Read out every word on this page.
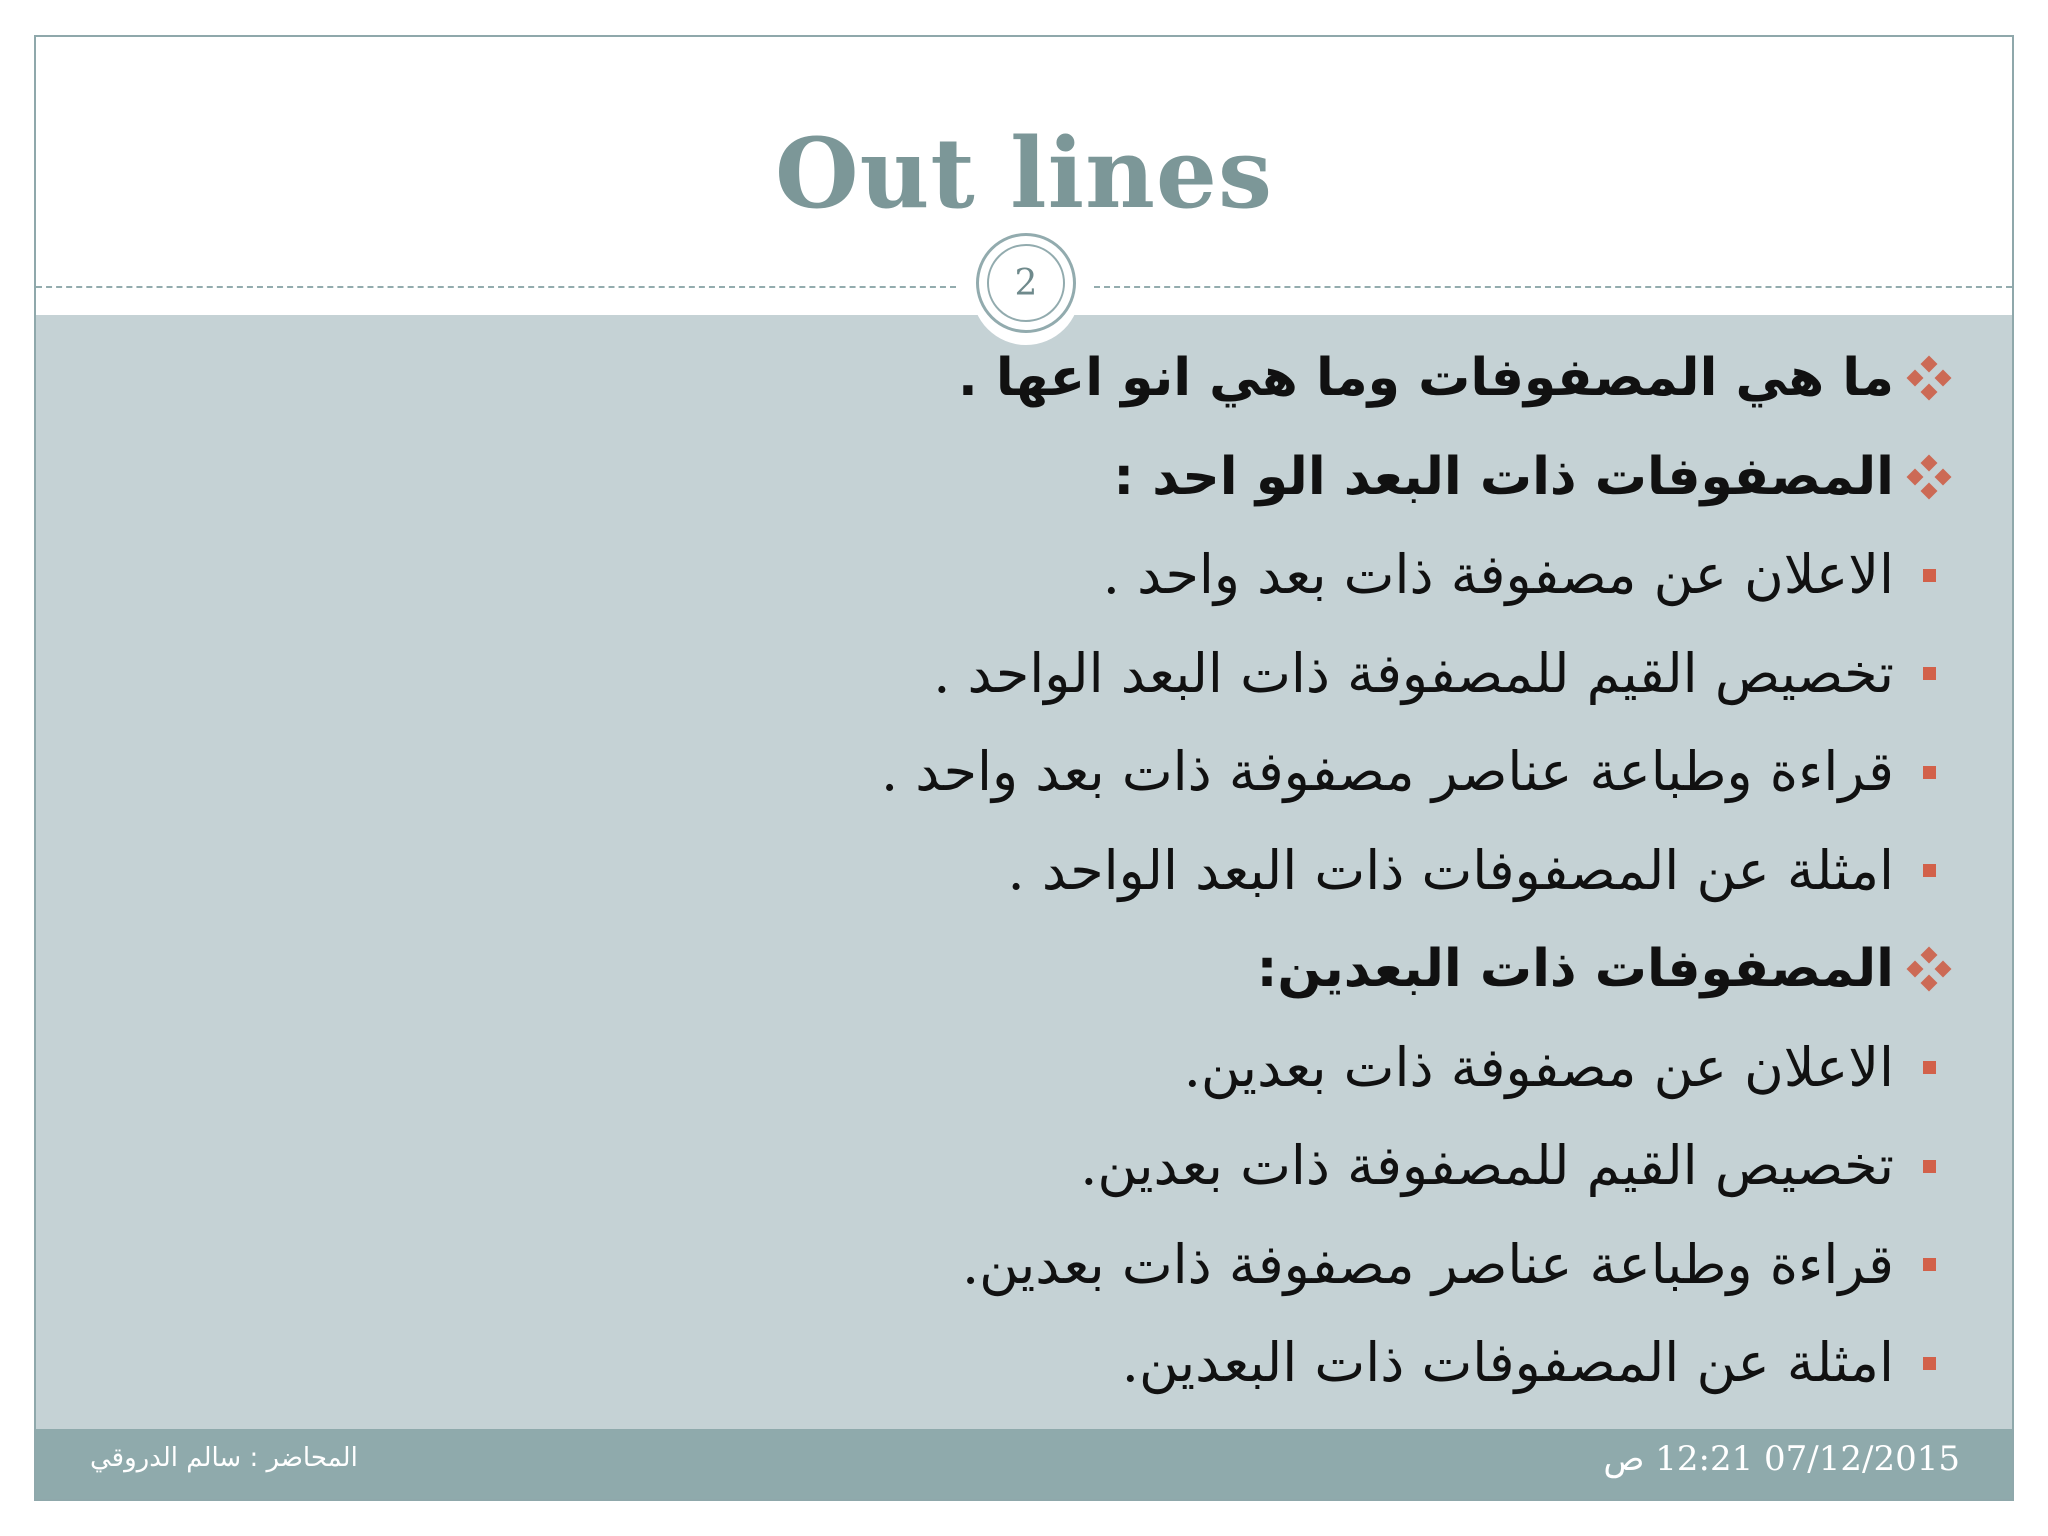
Out lines
2
ما هي المصفوفات وما هي انو اعها .
المصفوفات ذات البعد الو احد :
الاعلان عن مصفوفة ذات بعد واحد .
تخصيص القيم للمصفوفة ذات البعد الواحد .
قراءة وطباعة عناصر مصفوفة ذات بعد واحد .
امثلة عن المصفوفات ذات البعد الواحد .
المصفوفات ذات البعدين:
الاعلان عن مصفوفة ذات بعدين.
تخصيص القيم للمصفوفة ذات بعدين.
قراءة وطباعة عناصر مصفوفة ذات بعدين.
امثلة عن المصفوفات ذات البعدين.
المحاضر : سالم الدروقي	07/12/2015 12:21 ص
